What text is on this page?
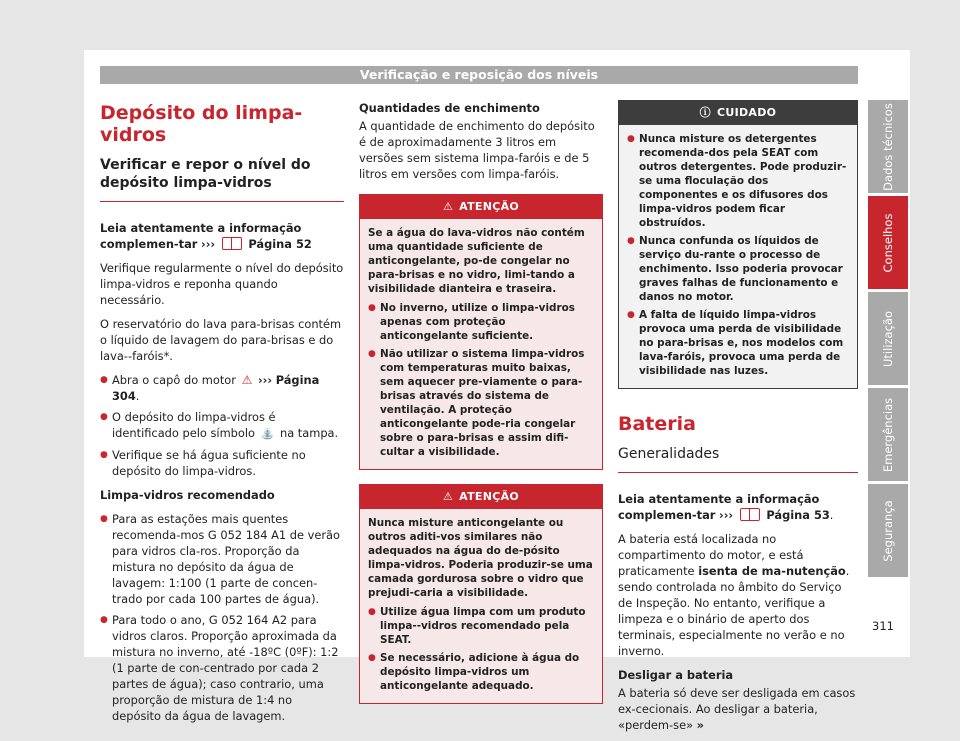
Verificação e reposição dos níveis
Depósito do limpa-vidros
Verificar e repor o nível do depósito limpa-vidros

Leia atentamente a informação complemen-tar ›››	Página 52

Verifique regularmente o nível do depósito limpa-vidros e reponha quando necessário.

O reservatório do lava para-brisas contém o líquido de lavagem do para-brisas e do lava--faróis*.

● Abra o capô do motor ⚠ ››› Página 304.
● O depósito do limpa-vidros é identificado pelo símbolo ⛲ na tampa.
● Verifique se há água suficiente no depósito do limpa-vidros.

Limpa-vidros recomendado

● Para as estações mais quentes recomenda-mos G 052 184 A1 de verão para vidros cla-ros. Proporção da mistura no depósito da água de lavagem: 1:100 (1 parte de concen-trado por cada 100 partes de água).
● Para todo o ano, G 052 164 A2 para vidros claros. Proporção aproximada da mistura no inverno, até -18ºC (0ºF): 1:2 (1 parte de con-centrado por cada 2 partes de água); caso contrario, uma proporção de mistura de 1:4 no depósito da água de lavagem.

Quantidades de enchimento

A quantidade de enchimento do depósito é de aproximadamente 3 litros em versões sem sistema limpa-faróis e de 5 litros em versões com limpa-faróis.

⚠ ATENÇÃO

Se a água do lava-vidros não contém uma quantidade suficiente de anticongelante, po-de congelar no para-brisas e no vidro, limi-tando a visibilidade dianteira e traseira.

● No inverno, utilize o limpa-vidros apenas com proteção anticongelante suficiente.
● Não utilizar o sistema limpa-vidros com temperaturas muito baixas, sem aquecer pre-viamente o para-brisas através do sistema de ventilação. A proteção anticongelante pode-ria congelar sobre o para-brisas e assim difi-cultar a visibilidade.
⚠ ATENÇÃO

Nunca misture anticongelante ou outros aditi-vos similares não adequados na água do de-pósito limpa-vidros. Poderia produzir-se uma camada gordurosa sobre o vidro que prejudi-caria a visibilidade.

● Utilize água limpa com um produto limpa--vidros recomendado pela SEAT.
● Se necessário, adicione à água do depósito limpa-vidros um anticongelante adequado.
ⓘ CUIDADO
● Nunca misture os detergentes recomenda-dos pela SEAT com outros detergentes. Pode produzir-se uma floculação dos componentes e os difusores dos limpa-vidros podem ficar obstruídos.
● Nunca confunda os líquidos de serviço du-rante o processo de enchimento. Isso poderia provocar graves falhas de funcionamento e danos no motor.
● A falta de líquido limpa-vidros provoca uma perda de visibilidade no para-brisas e, nos modelos com lava-faróis, provoca uma perda de visibilidade nas luzes.
Bateria
Generalidades

Leia atentamente a informação complemen-tar ›››	Página 53.

A bateria está localizada no compartimento do motor, e está praticamente isenta de ma-nutenção. sendo controlada no âmbito do Serviço de Inspeção. No entanto, verifique a limpeza e o binário de aperto dos terminais, especialmente no verão e no inverno.

Desligar a bateria

A bateria só deve ser desligada em casos ex-cecionais. Ao desligar a bateria, «perdem-se» »

Dados técnicos
Conselhos
Utilização
Emergências
Segurança
311
